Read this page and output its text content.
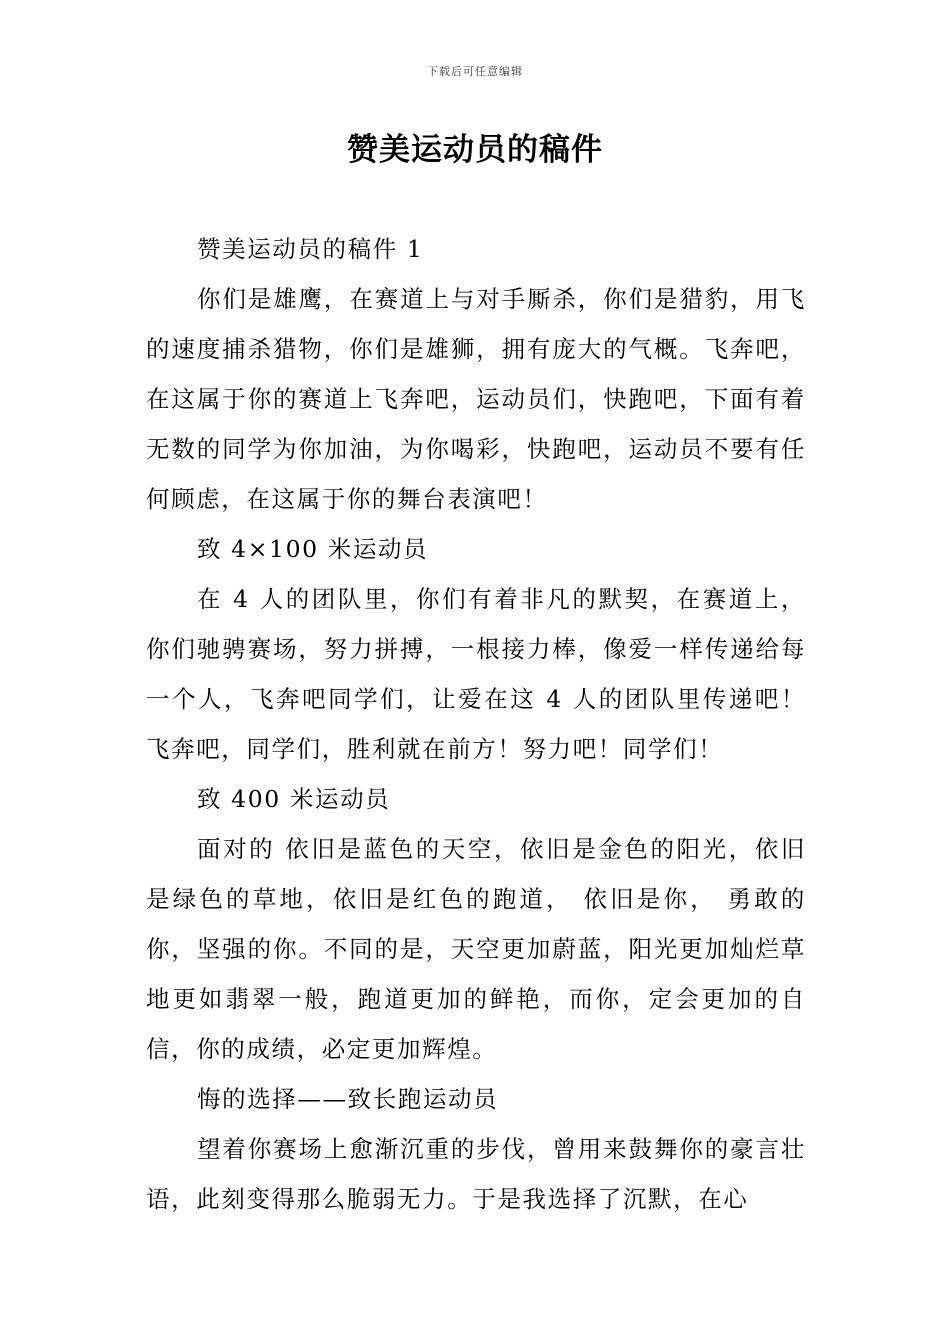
下载后可任意编辑
赞美运动员的稿件

赞美运动员的稿件 1

你们是雄鹰，在赛道上与对手厮杀，你们是猎豹，用飞的速度捕杀猎物，你们是雄狮，拥有庞大的气概。飞奔吧，在这属于你的赛道上飞奔吧，运动员们，快跑吧，下面有着无数的同学为你加油，为你喝彩，快跑吧，运动员不要有任何顾虑，在这属于你的舞台表演吧！

致 4×100 米运动员

在 4 人的团队里，你们有着非凡的默契，在赛道上，你们驰骋赛场，努力拼搏，一根接力棒，像爱一样传递给每一个人，飞奔吧同学们，让爱在这 4 人的团队里传递吧！飞奔吧，同学们，胜利就在前方！努力吧！同学们！

致 400 米运动员

面对的 依旧是蓝色的天空，依旧是金色的阳光，依旧是绿色的草地，依旧是红色的跑道， 依旧是你， 勇敢的你，坚强的你。不同的是，天空更加蔚蓝，阳光更加灿烂草地更如翡翠一般，跑道更加的鲜艳，而你，定会更加的自信，你的成绩，必定更加辉煌。

悔的选择——致长跑运动员

望着你赛场上愈渐沉重的步伐，曾用来鼓舞你的豪言壮语，此刻变得那么脆弱无力。于是我选择了沉默，在心
